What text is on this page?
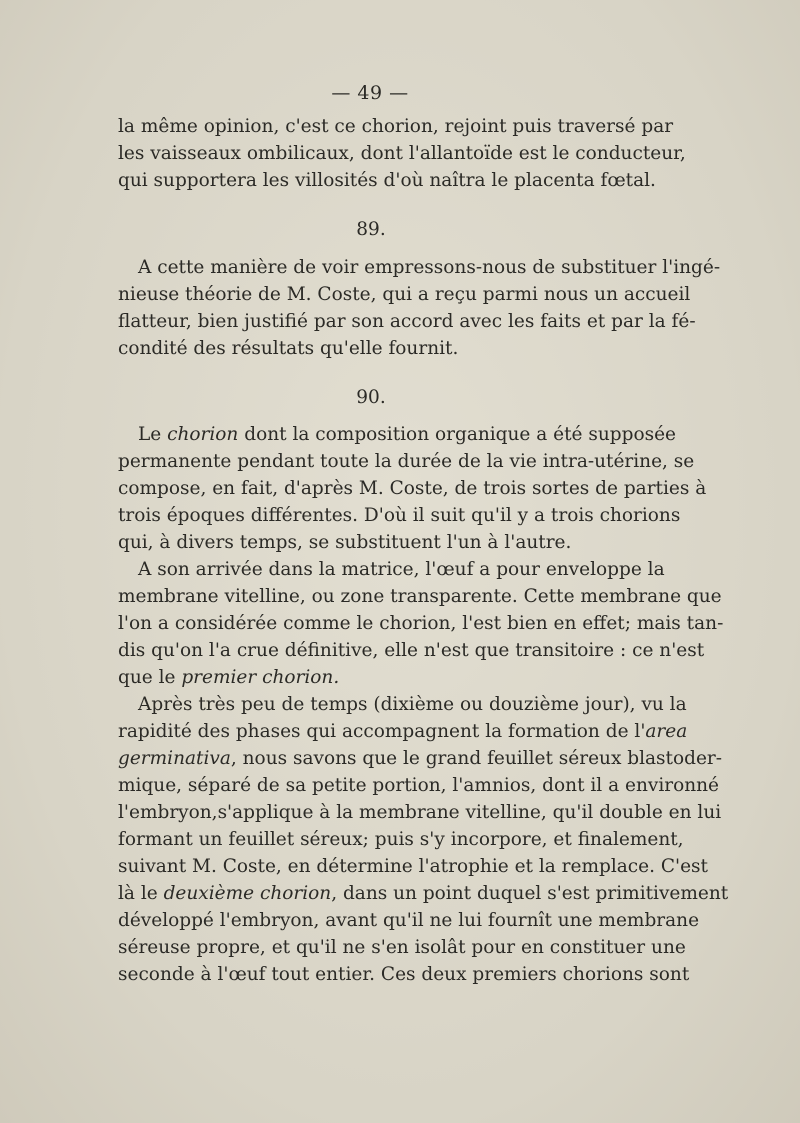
— 49 —
la même opinion, c'est ce chorion, rejoint puis traversé par
les vaisseaux ombilicaux, dont l'allantoïde est le conducteur,
qui supportera les villosités d'où naîtra le placenta fœtal.
89.
A cette manière de voir empressons-nous de substituer l'ingé-
nieuse théorie de M. Coste, qui a reçu parmi nous un accueil
flatteur, bien justifié par son accord avec les faits et par la fé-
condité des résultats qu'elle fournit.
90.
Le chorion dont la composition organique a été supposée
permanente pendant toute la durée de la vie intra-utérine, se
compose, en fait, d'après M. Coste, de trois sortes de parties à
trois époques différentes. D'où il suit qu'il y a trois chorions
qui, à divers temps, se substituent l'un à l'autre.
A son arrivée dans la matrice, l'œuf a pour enveloppe la
membrane vitelline, ou zone transparente. Cette membrane que
l'on a considérée comme le chorion, l'est bien en effet; mais tan-
dis qu'on l'a crue définitive, elle n'est que transitoire : ce n'est
que le premier chorion.
Après très peu de temps (dixième ou douzième jour), vu la
rapidité des phases qui accompagnent la formation de l'area
germinativa, nous savons que le grand feuillet séreux blastoder-
mique, séparé de sa petite portion, l'amnios, dont il a environné
l'embryon,s'applique à la membrane vitelline, qu'il double en lui
formant un feuillet séreux; puis s'y incorpore, et finalement,
suivant M. Coste, en détermine l'atrophie et la remplace. C'est
là le deuxième chorion, dans un point duquel s'est primitivement
développé l'embryon, avant qu'il ne lui fournît une membrane
séreuse propre, et qu'il ne s'en isolât pour en constituer une
seconde à l'œuf tout entier. Ces deux premiers chorions sont
